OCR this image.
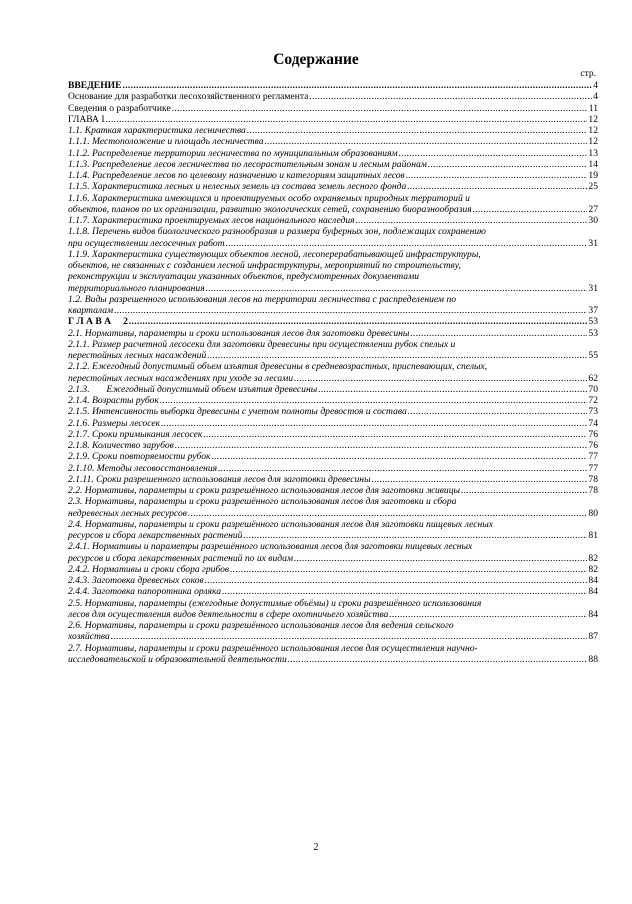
Содержание
стр.
ВВЕДЕНИЕ .....	4
Основание для разработки лесохозяйственного регламента .....	4
Сведения о разработчике .....	11
ГЛАВА I .....	12
1.1. Краткая характеристика лесничества .....	12
1.1.1. Местоположение и площадь лесничества .....	12
1.1.2. Распределение территории лесничества по муниципальным образованиям .....	13
1.1.3. Распределение лесов лесничества по лесорастительным зонам и лесным районам .....	14
1.1.4. Распределение лесов по целевому назначению и категориям защитных лесов .....	19
1.1.5. Характеристика лесных и нелесных земель из состава земель лесного фонда .....	25
1.1.6. Характеристика имеющихся и проектируемых особо охраняемых природных территорий и
объектов, планов по их организации, развитию экологических сетей, сохранению биоразнообразия .....	27
1.1.7. Характеристика проектируемых лесов национального наследия .....	30
1.1.8. Перечень видов биологического разнообразия и размера буферных зон, подлежащих сохранению
при осуществлении лесосечных работ .....	31
1.1.9. Характеристика существующих объектов лесной, лесоперерабатывающей инфраструктуры,
объектов, не связанных с созданием лесной инфраструктуры, мероприятий по строительству,
реконструкции и эксплуатации указанных объектов, предусмотренных документами
территориального планирования .....	31
1.2. Виды разрешенного использования лесов на территории лесничества с распределением по
кварталам .....	37
Г Л А В А     2 .....	53
2.1. Нормативы, параметры и сроки использования лесов для заготовки древесины .....	53
2.1.1. Размер расчетной лесосеки для заготовки древесины при осуществлении рубок спелых и
перестойных лесных насаждений .....	55
2.1.2. Ежегодный допустимый объем изъятия древесины в средневозрастных, приспевающих, спелых,
перестойных лесных насаждениях при уходе за лесами .....	62
2.1.3.       Ежегодный допустимый объем изъятия древесины .....	70
2.1.4. Возрасты рубок .....	72
2.1.5. Интенсивность выборки древесины с учетом полноты древостоя и состава .....	73
2.1.6. Размеры лесосек .....	74
2.1.7. Сроки примыкания лесосек .....	76
2.1.8. Количество зарубов .....	76
2.1.9. Сроки повторяемости рубок .....	77
2.1.10. Методы лесовосстановления .....	77
2.1.11. Сроки разрешенного использования лесов для заготовки древесины .....	78
2.2. Нормативы, параметры и сроки разрешённого использования лесов для заготовки живицы .....	78
2.3. Нормативы, параметры и сроки разрешённого использования лесов для заготовки и сбора
недревесных лесных ресурсов .....	80
2.4. Нормативы, параметры и сроки разрешённого использования лесов для заготовки пищевых лесных
ресурсов и сбора лекарственных растений .....	81
2.4.1. Нормативы и параметры разрешённого использования лесов для заготовки пищевых лесных
ресурсов и сбора лекарственных растений по их видам .....	82
2.4.2. Нормативы и сроки сбора грибов .....	82
2.4.3. Заготовка древесных соков .....	84
2.4.4. Заготовка папоротника орляка .....	84
2.5. Нормативы, параметры (ежегодные допустимые объёмы) и сроки разрешённого использования
лесов для осуществления видов деятельности в сфере охотничьего хозяйства .....	84
2.6. Нормативы, параметры и сроки разрешённого использования лесов для ведения сельского
хозяйства .....	87
2.7. Нормативы, параметры и сроки разрешённого использования лесов для осуществления научно-
исследовательской и образовательной деятельности .....	88
2
